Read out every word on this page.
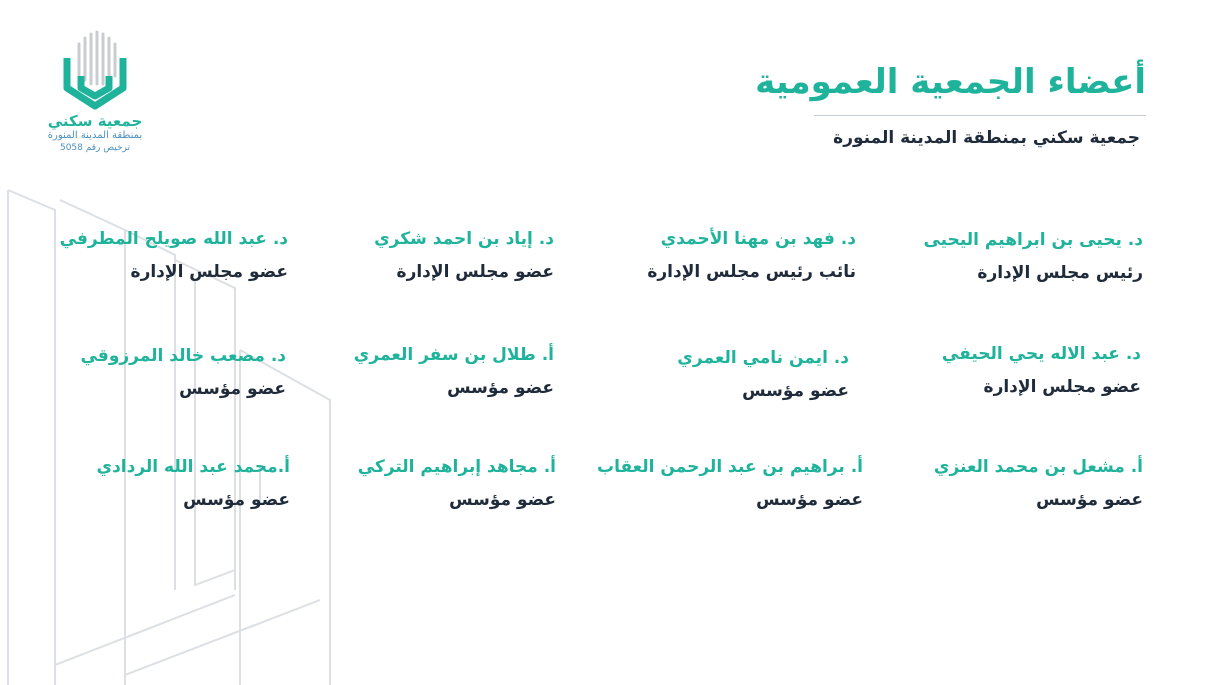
جمعية سكني
بمنطقة المدينة المنورة
ترخيص رقم 5058
أعضاء الجمعية العمومية
جمعية سكني بمنطقة المدينة المنورة
د. يحيى بن ابراهيم اليحيى
رئيس مجلس الإدارة
د. فهد بن مهنا الأحمدي
نائب رئيس مجلس الإدارة
د. إياد بن احمد شكري
عضو مجلس الإدارة
د. عبد الله صويلح المطرفي
عضو مجلس الإدارة
د. عبد الاله يحي الحيفي
عضو مجلس الإدارة
د. ايمن نامي العمري
عضو مؤسس
أ. طلال بن سفر العمري
عضو مؤسس
د. مصعب خالد المرزوقي
عضو مؤسس
أ. مشعل بن محمد العنزي
عضو مؤسس
أ. براهيم بن عبد الرحمن العقاب
عضو مؤسس
أ. مجاهد إبراهيم التركي
عضو مؤسس
أ.محمد عبد الله الردادي
عضو مؤسس
